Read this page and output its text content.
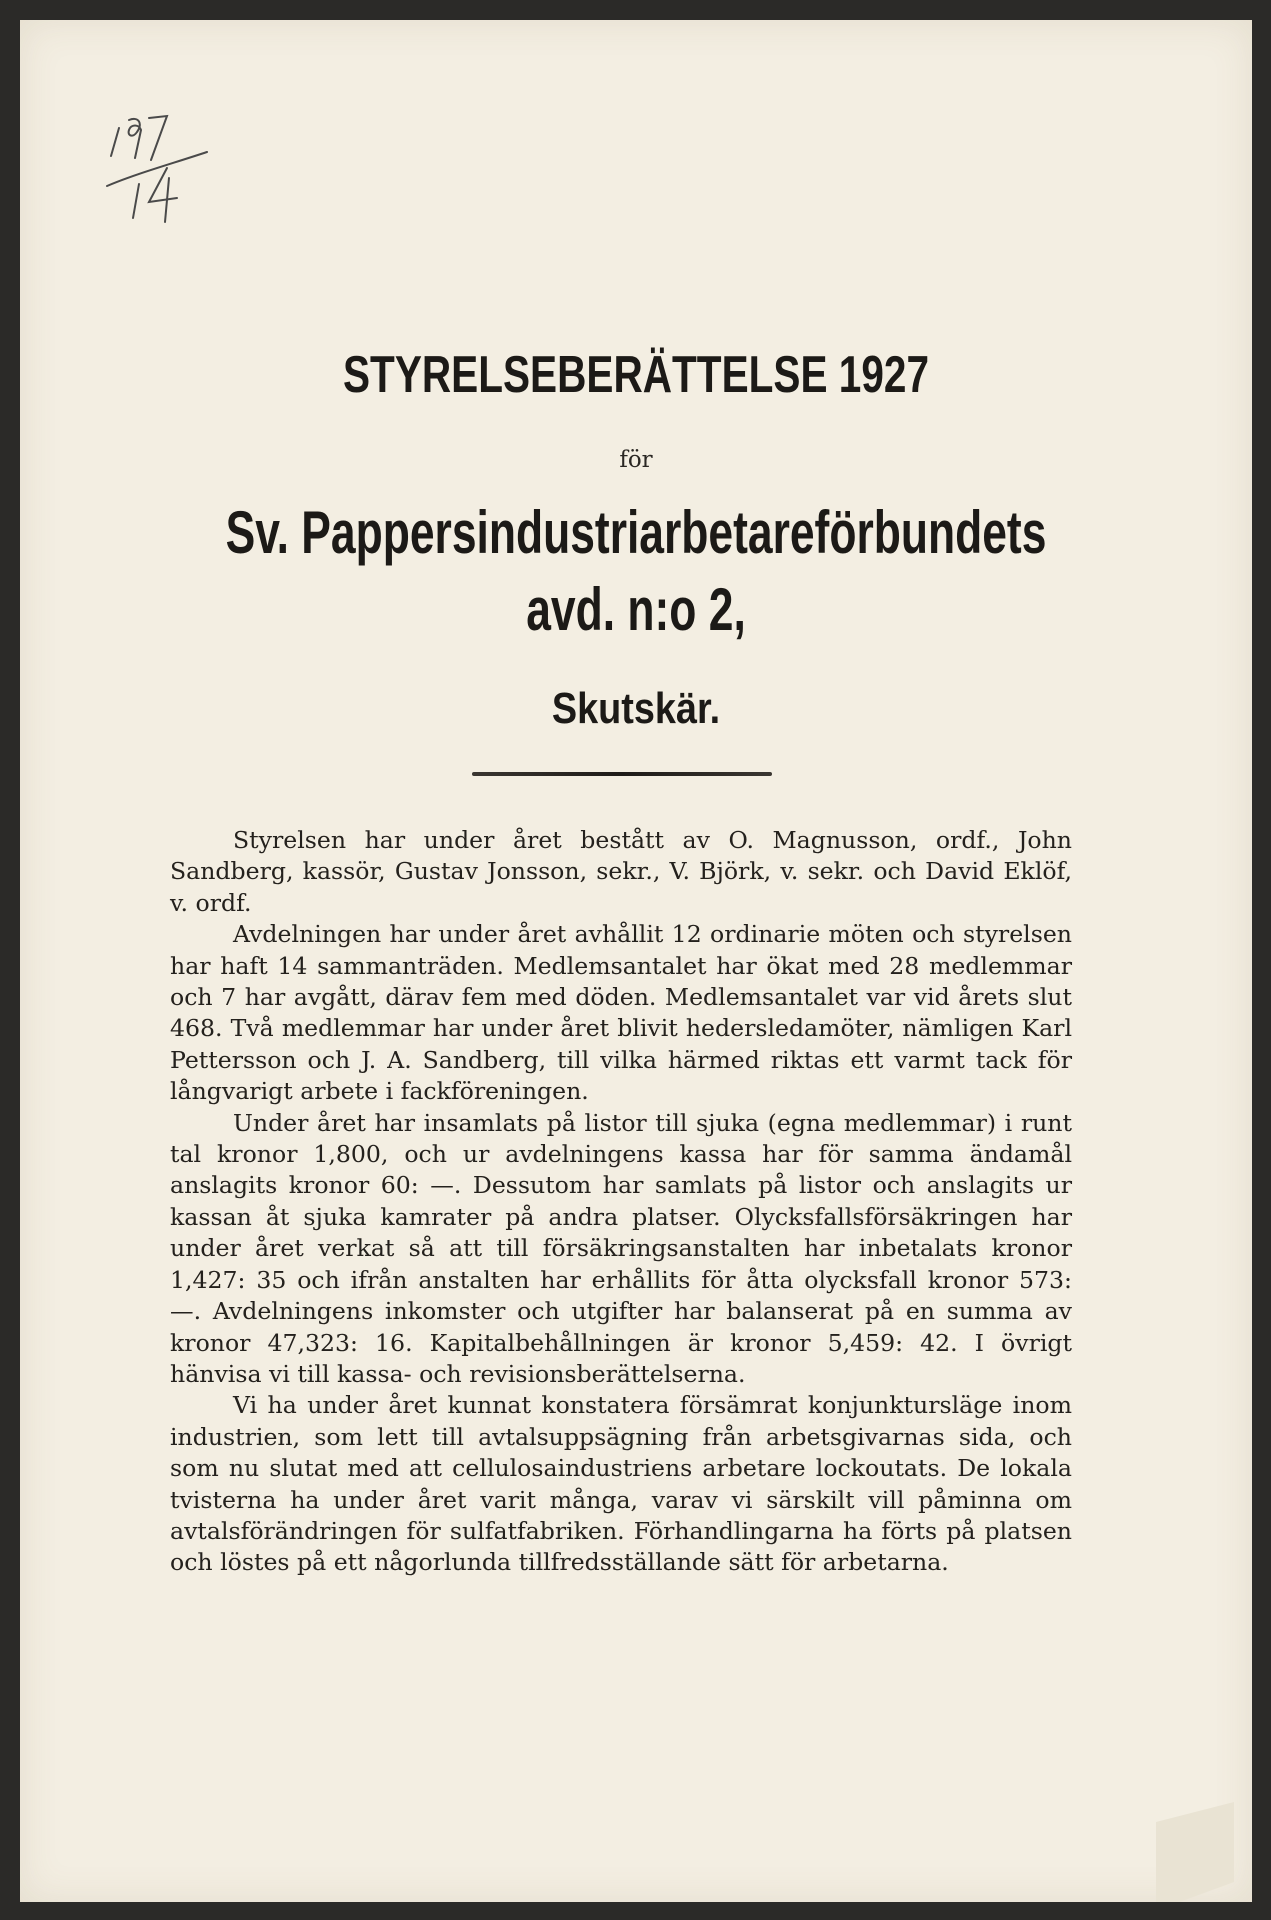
STYRELSEBERÄTTELSE 1927
för
Sv. Pappersindustriarbetareförbundets
avd. n:o 2,
Skutskär.

Styrelsen har under året bestått av O. Magnusson, ordf., John Sandberg, kassör, Gustav Jonsson, sekr., V. Björk, v. sekr. och David Eklöf, v. ordf.

Avdelningen har under året avhållit 12 ordinarie möten och styrelsen har haft 14 sammanträden. Medlemsantalet har ökat med 28 medlemmar och 7 har avgått, därav fem med döden. Medlemsantalet var vid årets slut 468. Två medlemmar har under året blivit hedersledamöter, nämligen Karl Pettersson och J. A. Sandberg, till vilka härmed riktas ett varmt tack för långvarigt arbete i fackföreningen.

Under året har insamlats på listor till sjuka (egna medlemmar) i runt tal kronor 1,800, och ur avdelningens kassa har för samma ändamål anslagits kronor 60: —. Dessutom har samlats på listor och anslagits ur kassan åt sjuka kamrater på andra platser. Olycksfallsförsäkringen har under året verkat så att till försäkringsanstalten har inbetalats kronor 1,427: 35 och ifrån anstalten har erhållits för åtta olycksfall kronor 573: —. Avdelningens inkomster och utgifter har balanserat på en summa av kronor 47,323: 16. Kapitalbehållningen är kronor 5,459: 42. I övrigt hänvisa vi till kassa- och revisionsberättelserna.

Vi ha under året kunnat konstatera försämrat konjunktursläge inom industrien, som lett till avtalsuppsägning från arbetsgivarnas sida, och som nu slutat med att cellulosaindustriens arbetare lockoutats. De lokala tvisterna ha under året varit många, varav vi särskilt vill påminna om avtalsförändringen för sulfatfabriken. Förhandlingarna ha förts på platsen och löstes på ett någorlunda tillfredsställande sätt för arbetarna.
